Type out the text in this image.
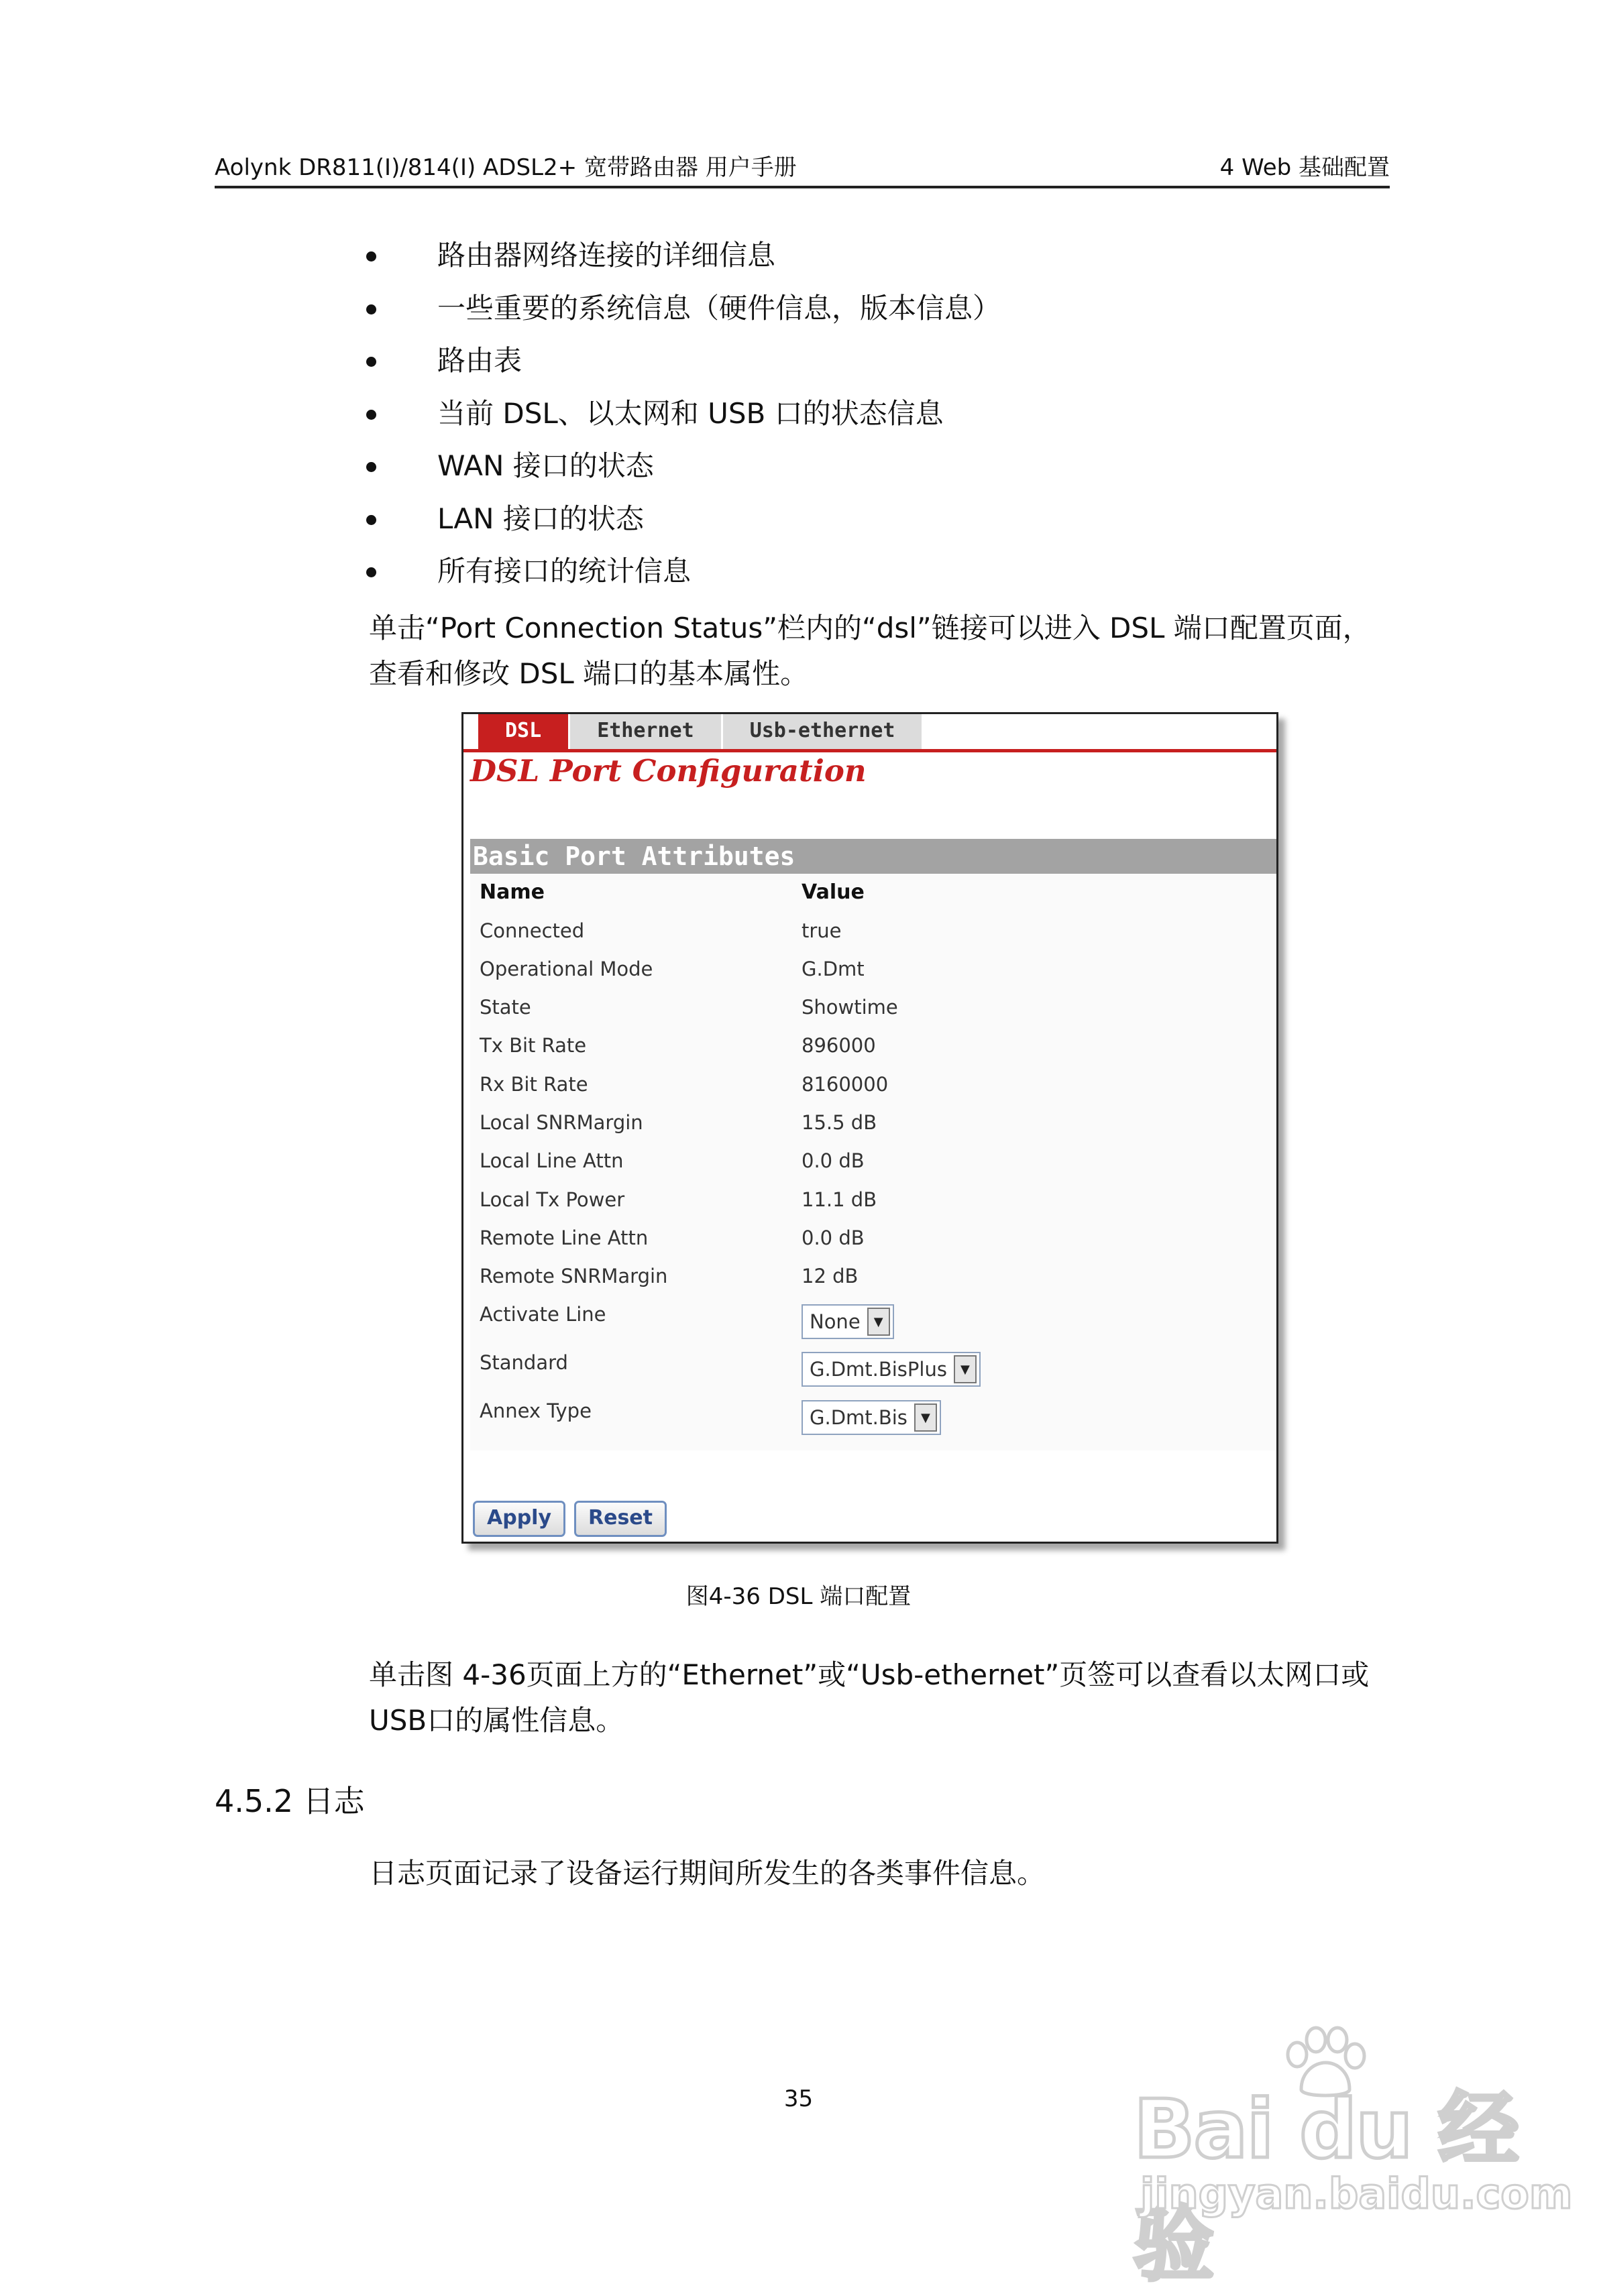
Aolynk DR811(I)/814(I) ADSL2+ 宽带路由器 用户手册	4 Web 基础配置
路由器网络连接的详细信息
一些重要的系统信息（硬件信息，版本信息）
路由表
当前 DSL、以太网和 USB 口的状态信息
WAN 接口的状态
LAN 接口的状态
所有接口的统计信息
单击“Port Connection Status”栏内的“dsl”链接可以进入 DSL 端口配置页面，
查看和修改 DSL 端口的基本属性。
DSL	Ethernet	Usb-ethernet
DSL Port Configuration
Basic Port Attributes
Name	Value
Connected	true
Operational Mode	G.Dmt
State	Showtime
Tx Bit Rate	896000
Rx Bit Rate	8160000
Local SNRMargin	15.5 dB
Local Line Attn	0.0 dB
Local Tx Power	11.1 dB
Remote Line Attn	0.0 dB
Remote SNRMargin	12 dB
Activate Line	None	▼
Standard	G.Dmt.BisPlus	▼
Annex Type	G.Dmt.Bis	▼
Apply	Reset
图4-36 DSL 端口配置
单击图 4-36页面上方的“Ethernet”或“Usb-ethernet”页签可以查看以太网口或
USB口的属性信息。
4.5.2 日志
日志页面记录了设备运行期间所发生的各类事件信息。
35	Bai du 经验
jingyan.baidu.com
